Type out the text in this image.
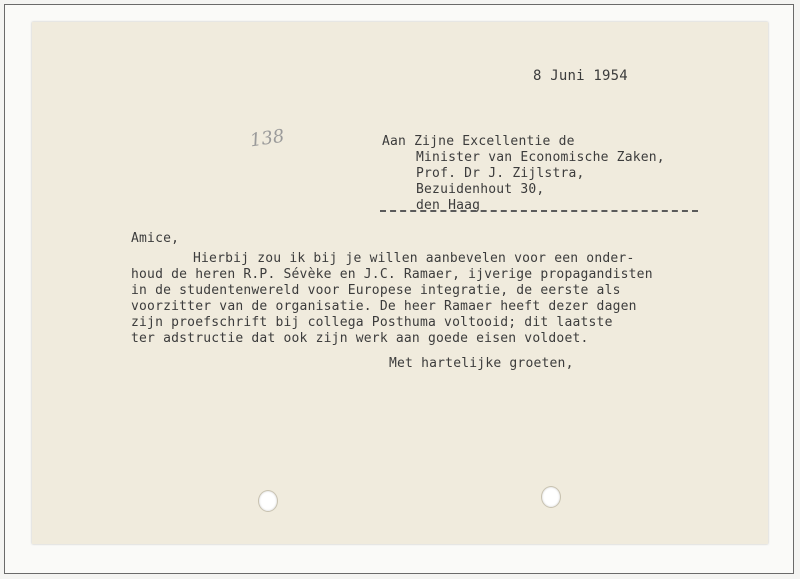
8 Juni 1954
138	Aan Zijne Excellentie de
Minister van Economische Zaken,
Prof. Dr J. Zijlstra,
Bezuidenhout 30,
den Haag
Amice,
Hierbij zou ik bij je willen aanbevelen voor een onder-
houd de heren R.P. Sévèke en J.C. Ramaer, ijverige propagandisten
in de studentenwereld voor Europese integratie, de eerste als
voorzitter van de organisatie. De heer Ramaer heeft dezer dagen
zijn proefschrift bij collega Posthuma voltooid; dit laatste
ter adstructie dat ook zijn werk aan goede eisen voldoet.
Met hartelijke groeten,
